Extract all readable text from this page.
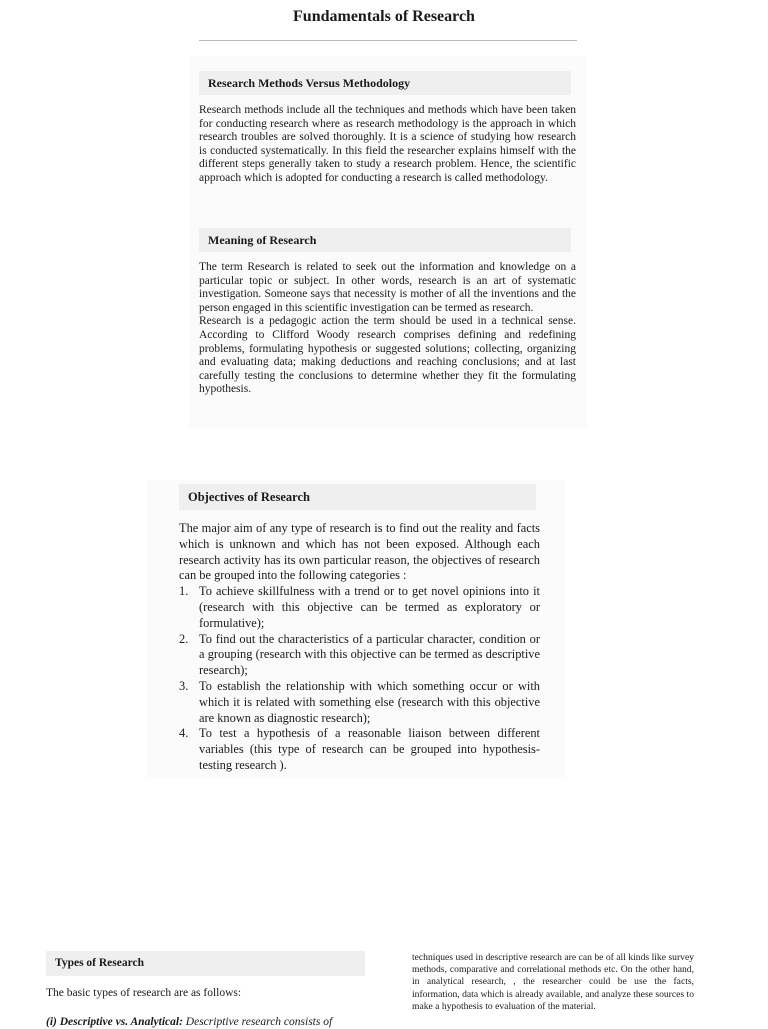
Fundamentals of Research
Research Methods Versus Methodology

Research methods include all the techniques and methods which have been taken for conducting research where as research methodology is the approach in which research troubles are solved thoroughly. It is a science of studying how research is conducted systematically. In this field the researcher explains himself with the different steps generally taken to study a research problem. Hence, the scientific approach which is adopted for conducting a research is called methodology.

Meaning of Research

The term Research is related to seek out the information and knowledge on a particular topic or subject. In other words, research is an art of systematic investigation. Someone says that necessity is mother of all the inventions and the person engaged in this scientific investigation can be termed as research.

Research is a pedagogic action the term should be used in a technical sense. According to Clifford Woody research comprises defining and redefining problems, formulating hypothesis or suggested solutions; collecting, organizing and evaluating data; making deductions and reaching conclusions; and at last carefully testing the conclusions to determine whether they fit the formulating hypothesis.

Objectives of Research

The major aim of any type of research is to find out the reality and facts which is unknown and which has not been exposed. Although each research activity has its own particular reason, the objectives of research can be grouped into the following categories :

1. To achieve skillfulness with a trend or to get novel opinions into it (research with this objective can be termed as exploratory or formulative);
2. To find out the characteristics of a particular character, condition or a grouping (research with this objective can be termed as descriptive research);
3. To establish the relationship with which something occur or with which it is related with something else (research with this objective are known as diagnostic research);
4. To test a hypothesis of a reasonable liaison between different variables (this type of research can be grouped into hypothesis-testing research ).
Types of Research
The basic types of research are as follows:
(i) Descriptive vs. Analytical: Descriptive research consists of

techniques used in descriptive research are can be of all kinds like survey methods, comparative and correlational methods etc. On the other hand, in analytical research, , the researcher could be use the facts, information, data which is already available, and analyze these sources to make a hypothesis to evaluation of the material.
